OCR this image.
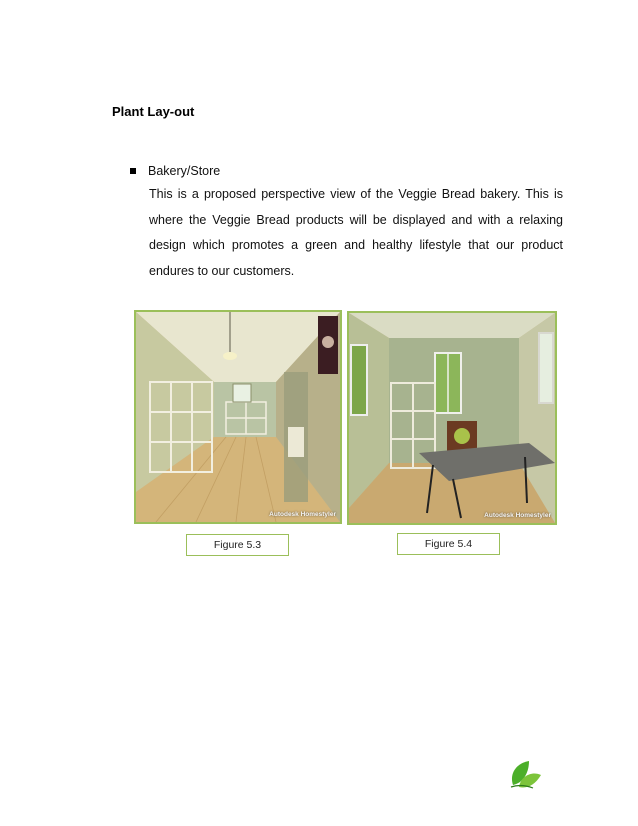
Plant Lay-out
Bakery/Store
This is a proposed perspective view of the Veggie Bread bakery. This is where the Veggie Bread products will be displayed and with a relaxing design which promotes a green and healthy lifestyle that our product endures to our customers.
Autodesk Homestyler	Autodesk Homestyler
Figure 5.3	Figure 5.4
